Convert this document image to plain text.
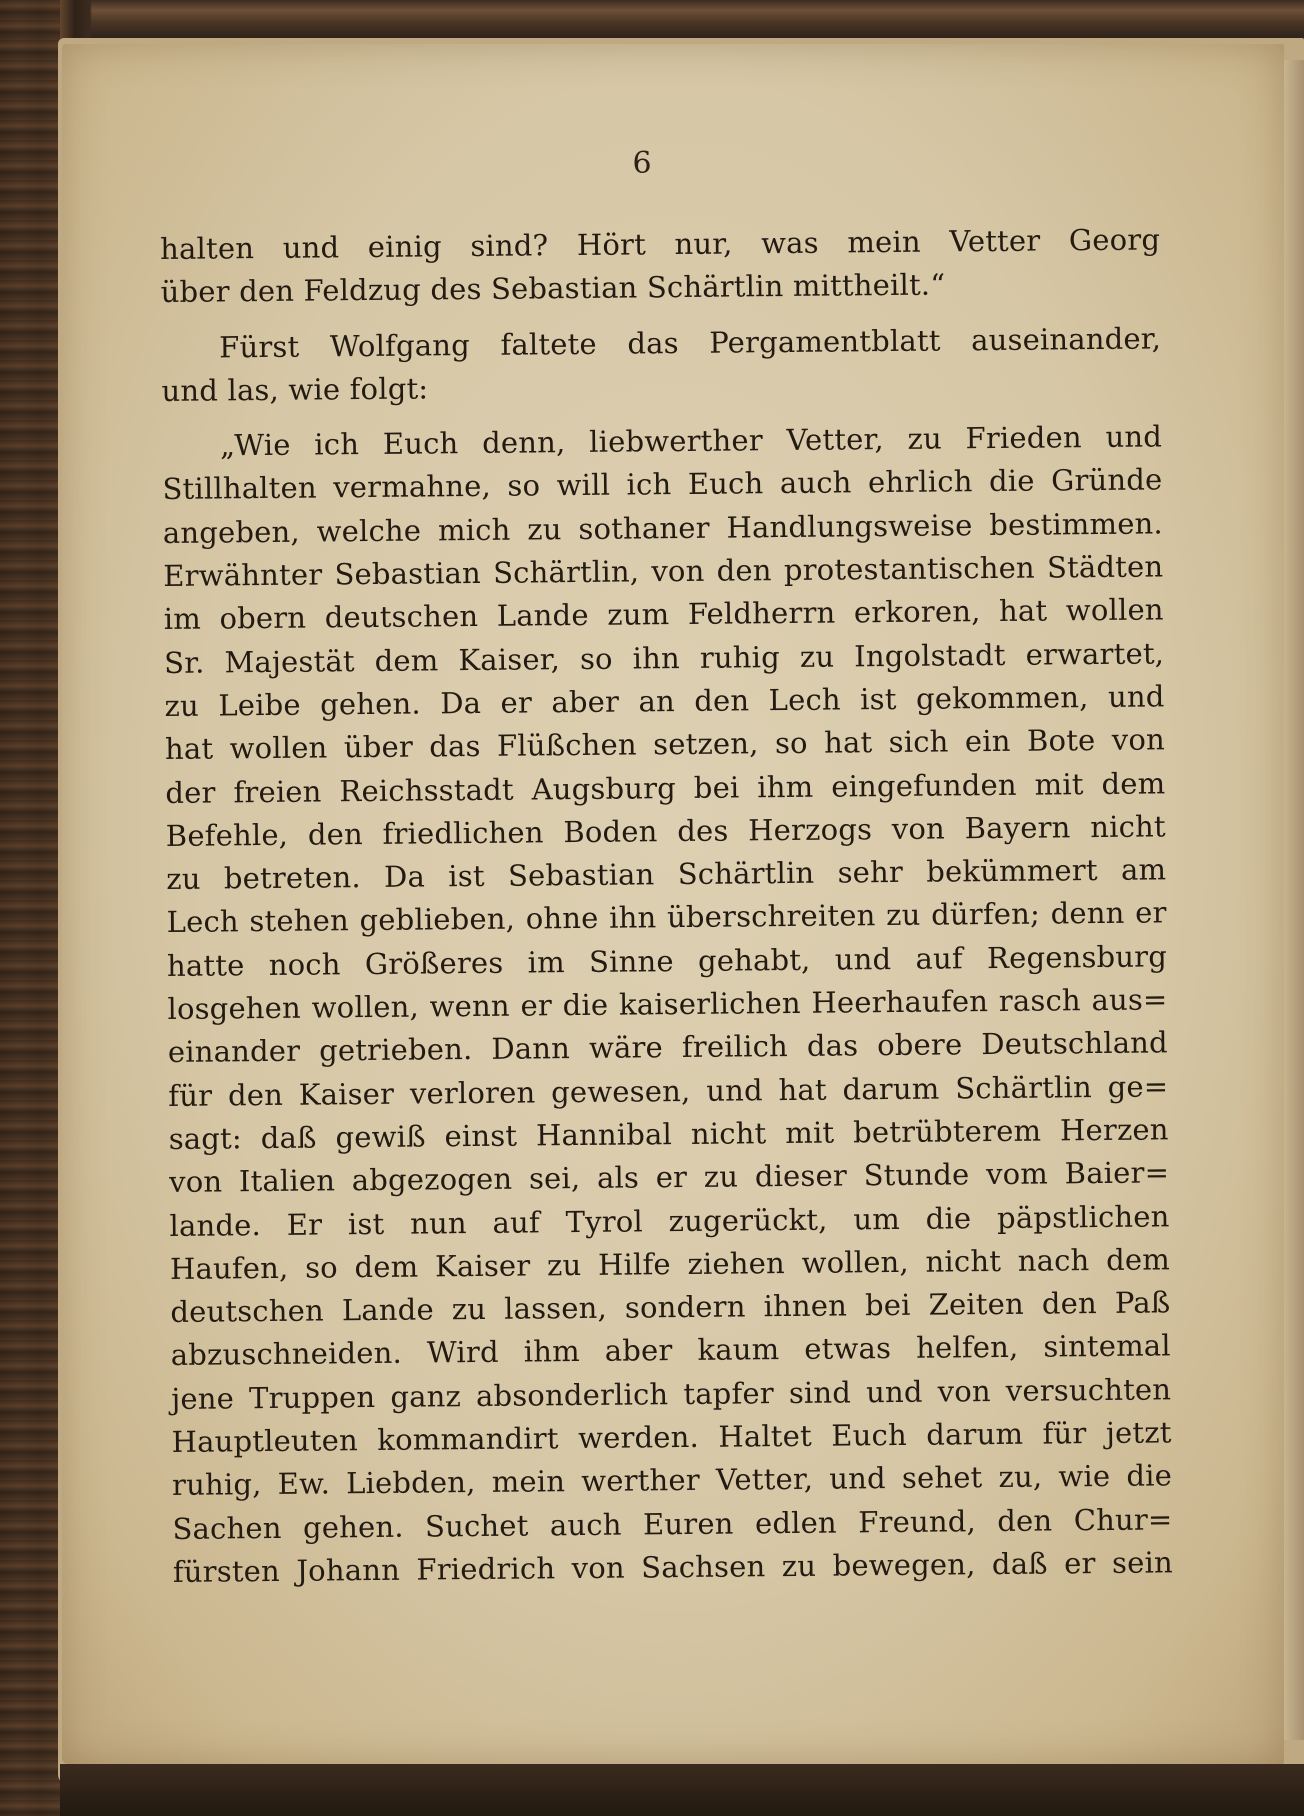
6
halten und einig sind? Hört nur, was mein Vetter Georg
über den Feldzug des Sebastian Schärtlin mittheilt.“
Fürst Wolfgang faltete das Pergamentblatt auseinander,
und las, wie folgt:
„Wie ich Euch denn, liebwerther Vetter, zu Frieden und
Stillhalten vermahne, so will ich Euch auch ehrlich die Gründe
angeben, welche mich zu sothaner Handlungsweise bestimmen.
Erwähnter Sebastian Schärtlin, von den protestantischen Städten
im obern deutschen Lande zum Feldherrn erkoren, hat wollen
Sr. Majestät dem Kaiser, so ihn ruhig zu Ingolstadt erwartet,
zu Leibe gehen. Da er aber an den Lech ist gekommen, und
hat wollen über das Flüßchen setzen, so hat sich ein Bote von
der freien Reichsstadt Augsburg bei ihm eingefunden mit dem
Befehle, den friedlichen Boden des Herzogs von Bayern nicht
zu betreten. Da ist Sebastian Schärtlin sehr bekümmert am
Lech stehen geblieben, ohne ihn überschreiten zu dürfen; denn er
hatte noch Größeres im Sinne gehabt, und auf Regensburg
losgehen wollen, wenn er die kaiserlichen Heerhaufen rasch aus=
einander getrieben. Dann wäre freilich das obere Deutschland
für den Kaiser verloren gewesen, und hat darum Schärtlin ge=
sagt: daß gewiß einst Hannibal nicht mit betrübterem Herzen
von Italien abgezogen sei, als er zu dieser Stunde vom Baier=
lande. Er ist nun auf Tyrol zugerückt, um die päpstlichen
Haufen, so dem Kaiser zu Hilfe ziehen wollen, nicht nach dem
deutschen Lande zu lassen, sondern ihnen bei Zeiten den Paß
abzuschneiden. Wird ihm aber kaum etwas helfen, sintemal
jene Truppen ganz absonderlich tapfer sind und von versuchten
Hauptleuten kommandirt werden. Haltet Euch darum für jetzt
ruhig, Ew. Liebden, mein werther Vetter, und sehet zu, wie die
Sachen gehen. Suchet auch Euren edlen Freund, den Chur=
fürsten Johann Friedrich von Sachsen zu bewegen, daß er sein
